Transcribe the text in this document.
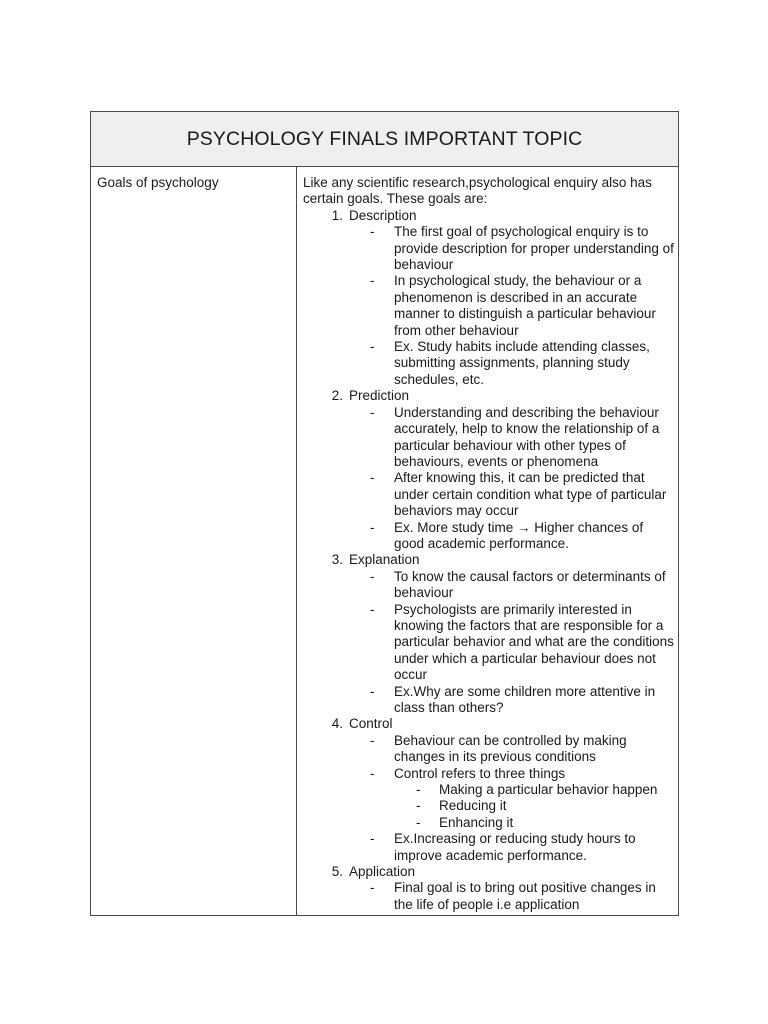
PSYCHOLOGY FINALS IMPORTANT TOPIC
Goals of psychology	Like any scientific research,psychological enquiry also has certain goals. These goals are:
1. Description
- The first goal of psychological enquiry is to provide description for proper understanding of behaviour
- In psychological study, the behaviour or a phenomenon is described in an accurate manner to distinguish a particular behaviour from other behaviour
- Ex. Study habits include attending classes, submitting assignments, planning study schedules, etc.
2. Prediction
- Understanding and describing the behaviour accurately, help to know the relationship of a particular behaviour with other types of behaviours, events or phenomena
- After knowing this, it can be predicted that under certain condition what type of particular behaviors may occur
- Ex. More study time → Higher chances of good academic performance.
3. Explanation
- To know the causal factors or determinants of behaviour
- Psychologists are primarily interested in knowing the factors that are responsible for a particular behavior and what are the conditions under which a particular behaviour does not occur
- Ex.Why are some children more attentive in class than others?
4. Control
- Behaviour can be controlled by making changes in its previous conditions
- Control refers to three things
- Making a particular behavior happen
- Reducing it
- Enhancing it
- Ex.Increasing or reducing study hours to improve academic performance.
5. Application
- Final goal is to bring out positive changes in the life of people i.e application
